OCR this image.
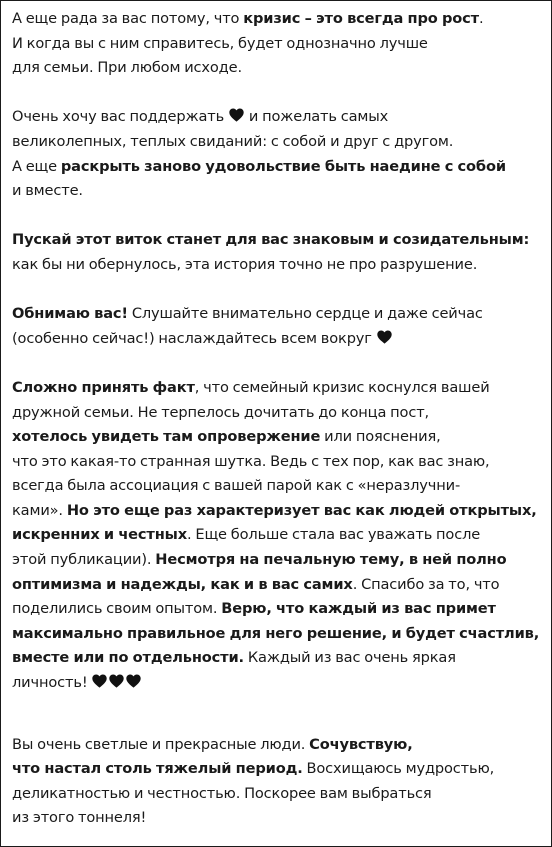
А еще рада за вас потому, что кризис – это всегда про рост.
И когда вы с ним справитесь, будет однозначно лучше
для семьи. При любом исходе.
Очень хочу вас поддержать
и пожелать самых
великолепных, теплых свиданий: с собой и друг с другом.
А еще раскрыть заново удовольствие быть наедине с собой
и вместе.
Пускай этот виток станет для вас знаковым и созидательным:
как бы ни обернулось, эта история точно не про разрушение.
Обнимаю вас! Слушайте внимательно сердце и даже сейчас
(особенно сейчас!) наслаждайтесь всем вокруг
Сложно принять факт, что семейный кризис коснулся вашей
дружной семьи. Не терпелось дочитать до конца пост,
хотелось увидеть там опровержение или пояснения,
что это какая-то странная шутка. Ведь с тех пор, как вас знаю,
всегда была ассоциация с вашей парой как с «неразлучни-
ками». Но это еще раз характеризует вас как людей открытых,
искренних и честных. Еще больше стала вас уважать после
этой публикации). Несмотря на печальную тему, в ней полно
оптимизма и надежды, как и в вас самих. Спасибо за то, что
поделились своим опытом. Верю, что каждый из вас примет
максимально правильное для него решение, и будет счастлив,
вместе или по отдельности. Каждый из вас очень яркая
личность!
Вы очень светлые и прекрасные люди. Сочувствую,
что настал столь тяжелый период. Восхищаюсь мудростью,
деликатностью и честностью. Поскорее вам выбраться
из этого тоннеля!
